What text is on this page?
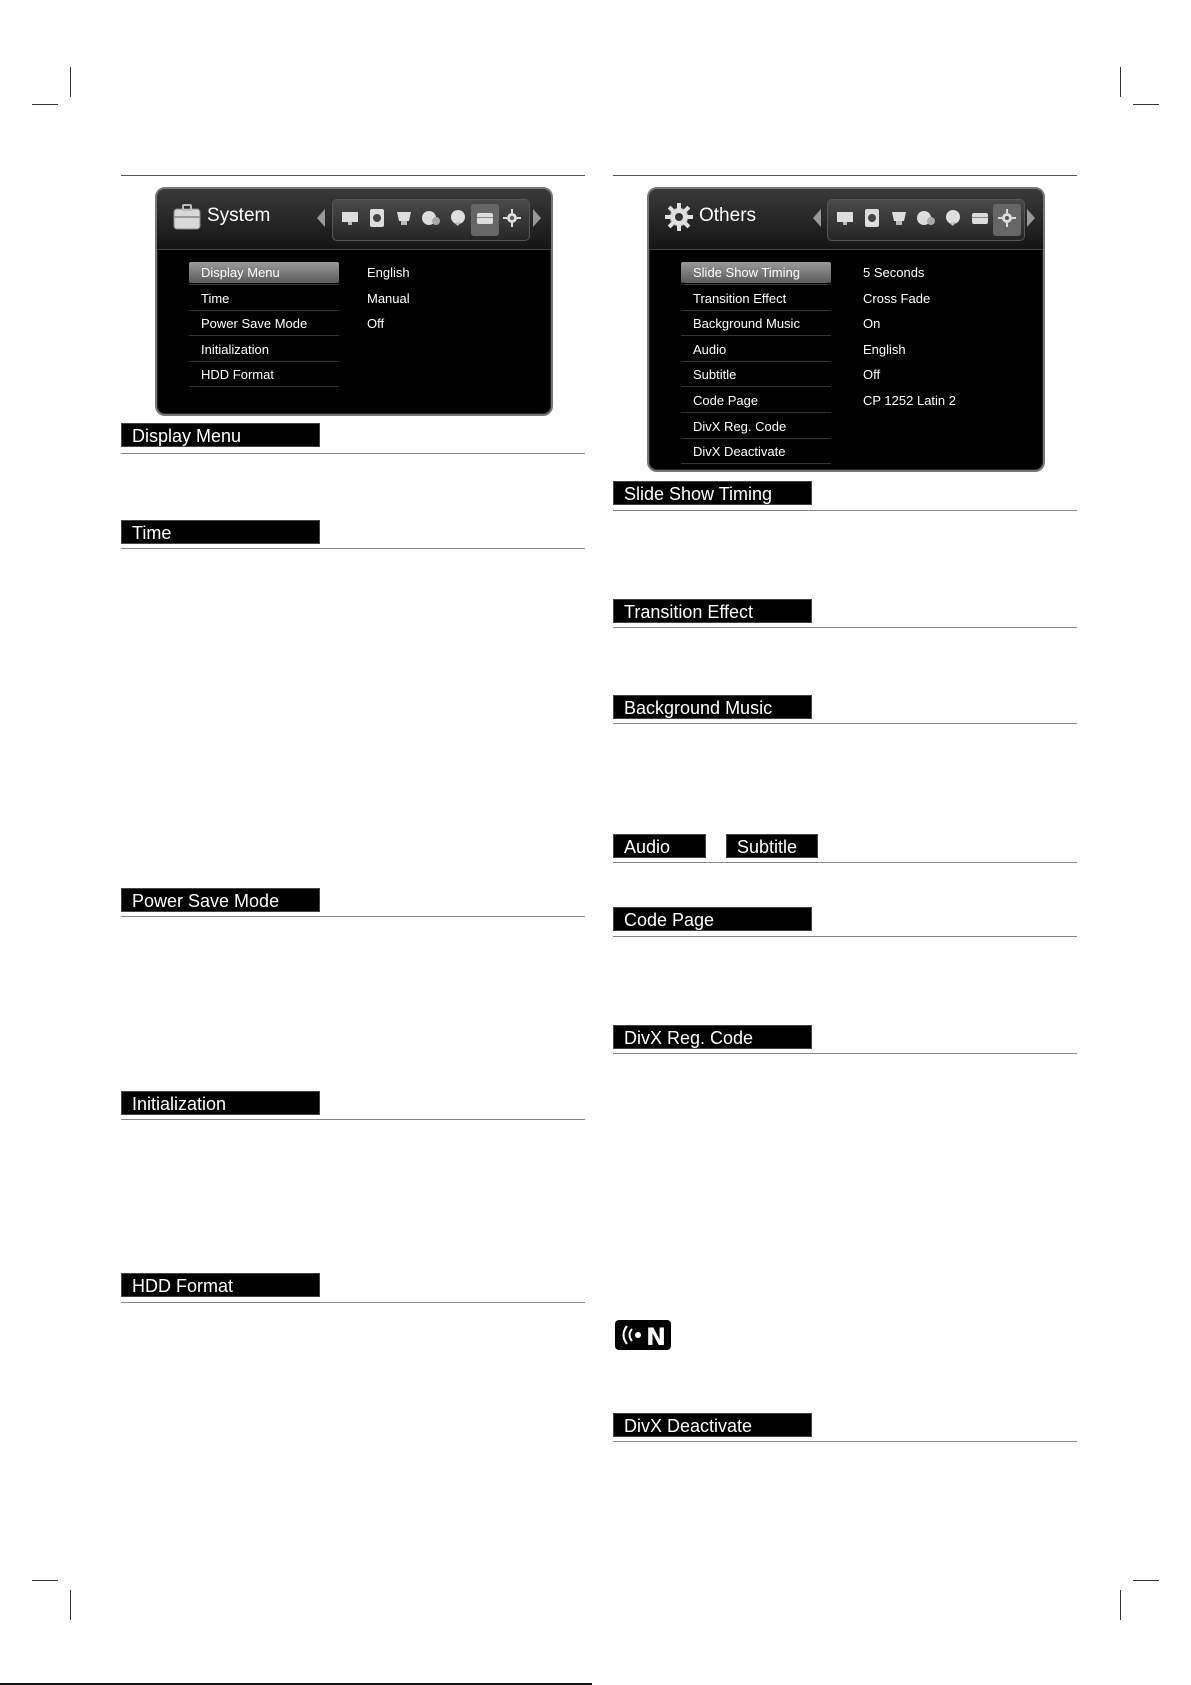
System
Display Menu	English
Time	Manual
Power Save Mode	Off
Initialization
HDD Format
Others
Slide Show Timing	5 Seconds
Transition Effect	Cross Fade
Background Music	On
Audio	English
Subtitle	Off
Code Page	CP 1252 Latin 2
DivX Reg. Code
DivX Deactivate
Display Menu
Time
Power Save Mode
Initialization
HDD Format
Slide Show Timing
Transition Effect
Background Music
Audio	Subtitle
Code Page
DivX Reg. Code
N
DivX Deactivate
